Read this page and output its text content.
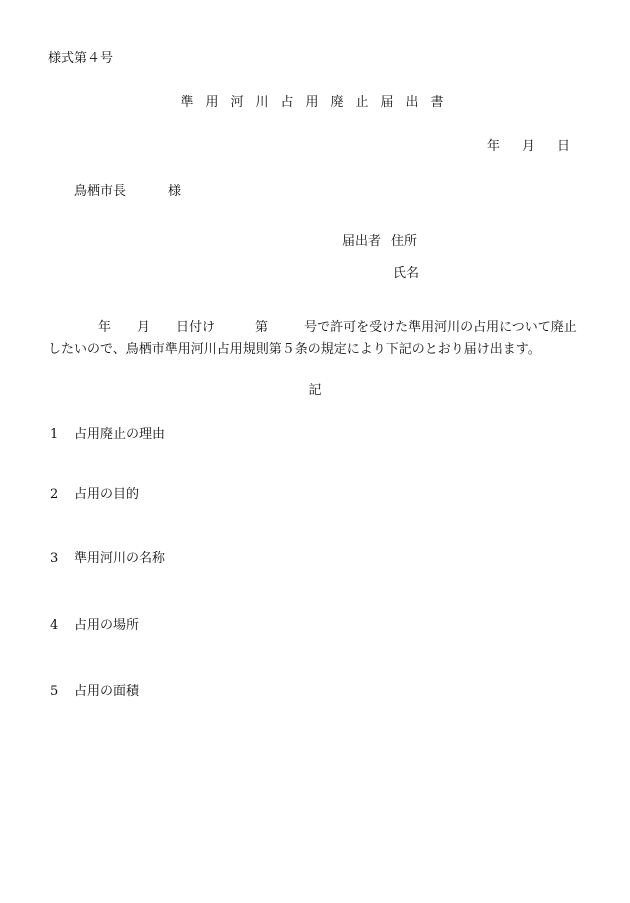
様式第４号
準用河川占用廃止届出書
年 月 日
鳥栖市長	様
届出者 住所
氏名
年 月 日付け	第	号で許可を受けた準用河川の占用について廃止
したいので、鳥栖市準用河川占用規則第５条の規定により下記のとおり届け出ます。
記
1 占用廃止の理由
2 占用の目的
3 準用河川の名称
4 占用の場所
5 占用の面積
